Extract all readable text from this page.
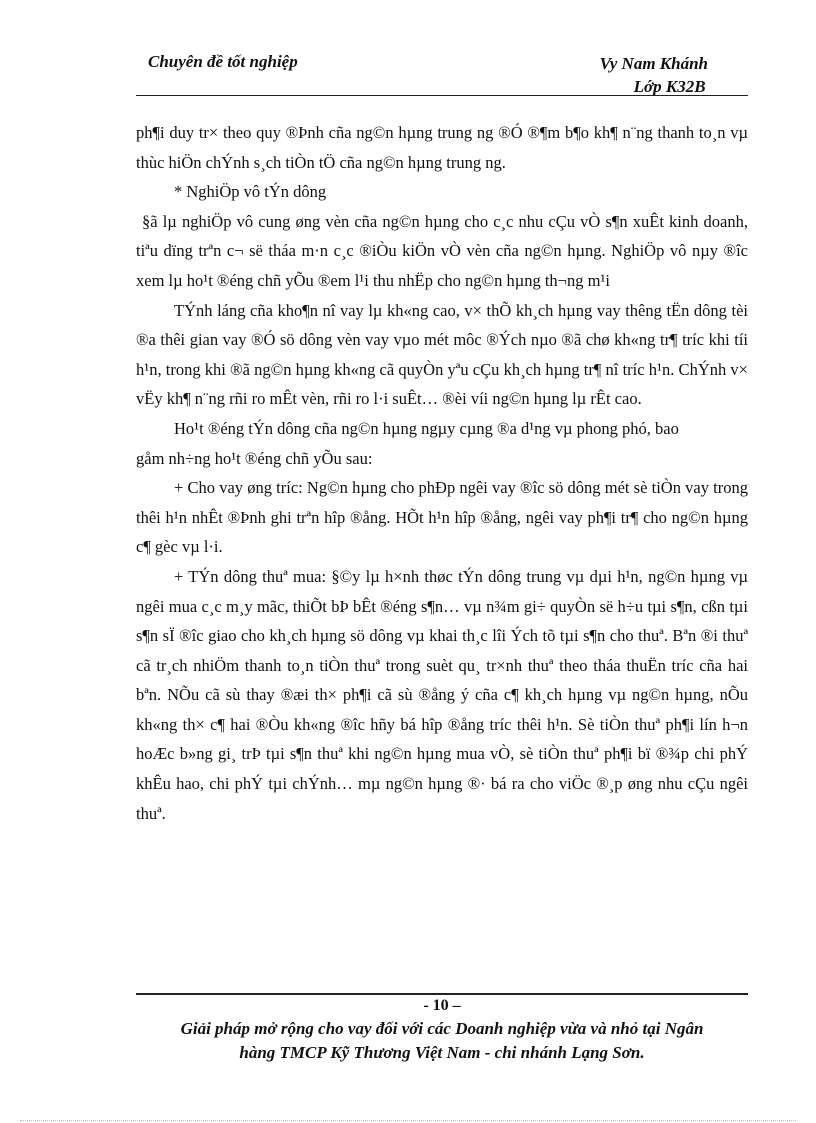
Chuyên đề tốt nghiệp	Vy Nam Khánh
Lớp K32B

ph¶i duy tr× theo quy ®Þnh cña ng©n hµng trung ng ®Ó ®¶m b¶o kh¶ n¨ng thanh to¸n vµ thùc hiÖn chÝnh s¸ch tiÒn tÖ cña ng©n hµng trung ng.

* NghiÖp vô tÝn dông

§ã lµ nghiÖp vô cung øng vèn cña ng©n hµng cho c¸c nhu cÇu vÒ s¶n xuÊt kinh doanh, tiªu dïng trªn c¬ së tháa m·n c¸c ®iÒu kiÖn vÒ vèn cña ng©n hµng. NghiÖp vô nµy ®îc xem lµ ho¹t ®éng chñ yÕu ®em l¹i thu nhËp cho ng©n hµng th¬ng m¹i

TÝnh láng cña kho¶n nî vay lµ kh«ng cao, v× thÕ kh¸ch hµng vay thêng tËn dông tèi ®a thêi gian vay ®Ó sö dông vèn vay vµo mét môc ®Ých nµo ®ã chø kh«ng tr¶ tríc khi tíi h¹n, trong khi ®ã ng©n hµng kh«ng cã quyÒn yªu cÇu kh¸ch hµng tr¶ nî tríc h¹n. ChÝnh v× vËy kh¶ n¨ng rñi ro mÊt vèn, rñi ro l·i suÊt… ®èi víi ng©n hµng lµ rÊt cao.

Ho¹t ®éng tÝn dông cña ng©n hµng ngµy cµng ®a d¹ng vµ phong phó, bao

gåm nh÷ng ho¹t ®éng chñ yÕu sau:

+ Cho vay øng tríc: Ng©n hµng cho phÐp ngêi vay ®îc sö dông mét sè tiÒn vay trong thêi h¹n nhÊt ®Þnh ghi trªn hîp ®ång. HÕt h¹n hîp ®ång, ngêi vay ph¶i tr¶ cho ng©n hµng c¶ gèc vµ l·i.

+ TÝn dông thuª mua: §©y lµ h×nh thøc tÝn dông trung vµ dµi h¹n, ng©n hµng vµ ngêi mua c¸c m¸y mãc, thiÕt bÞ bÊt ®éng s¶n… vµ n¾m gi÷ quyÒn së h÷u tµi s¶n, cßn tµi s¶n sÏ ®îc giao cho kh¸ch hµng sö dông vµ khai th¸c lîi Ých tõ tµi s¶n cho thuª. Bªn ®i thuª cã tr¸ch nhiÖm thanh to¸n tiÒn thuª trong suèt qu¸ tr×nh thuª theo tháa thuËn tríc cña hai bªn. NÕu cã sù thay ®æi th× ph¶i cã sù ®ång ý cña c¶ kh¸ch hµng vµ ng©n hµng, nÕu kh«ng th× c¶ hai ®Òu kh«ng ®îc hñy bá hîp ®ång tríc thêi h¹n. Sè tiÒn thuª ph¶i lín h¬n hoÆc b»ng gi¸ trÞ tµi s¶n thuª khi ng©n hµng mua vÒ, sè tiÒn thuª ph¶i bï ®¾p chi phÝ khÊu hao, chi phÝ tµi chÝnh… mµ ng©n hµng ®· bá ra cho viÖc ®¸p øng nhu cÇu ngêi thuª.

- 10 –
Giải pháp mở rộng cho vay đối với các Doanh nghiệp vừa và nhỏ tại Ngân
hàng TMCP Kỹ Thương Việt Nam - chi nhánh Lạng Sơn.
